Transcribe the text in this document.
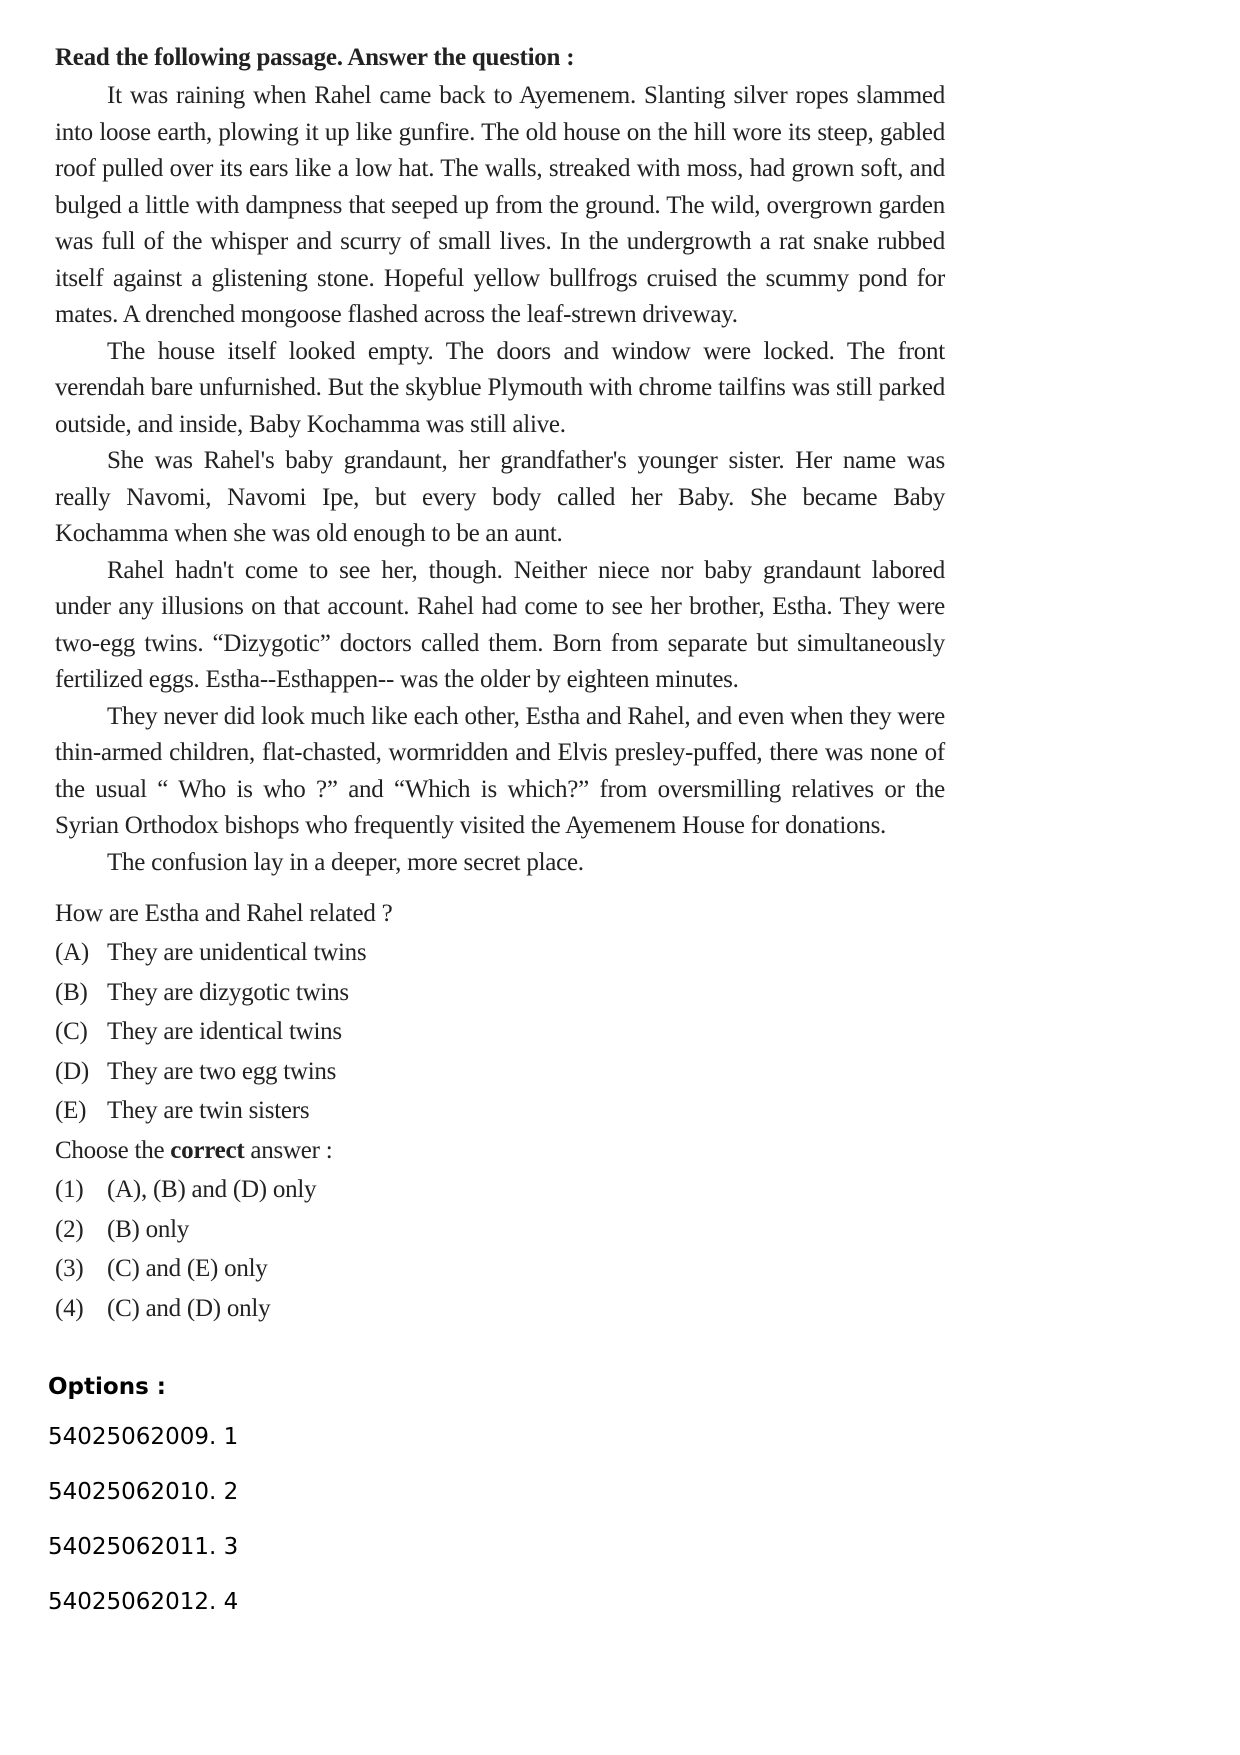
Read the following passage. Answer the question :

It was raining when Rahel came back to Ayemenem. Slanting silver ropes slammed into loose earth, plowing it up like gunfire. The old house on the hill wore its steep, gabled roof pulled over its ears like a low hat. The walls, streaked with moss, had grown soft, and bulged a little with dampness that seeped up from the ground. The wild, overgrown garden was full of the whisper and scurry of small lives. In the undergrowth a rat snake rubbed itself against a glistening stone. Hopeful yellow bullfrogs cruised the scummy pond for mates. A drenched mongoose flashed across the leaf-strewn driveway.

The house itself looked empty. The doors and window were locked. The front verendah bare unfurnished. But the skyblue Plymouth with chrome tailfins was still parked outside, and inside, Baby Kochamma was still alive.

She was Rahel's baby grandaunt, her grandfather's younger sister. Her name was really Navomi, Navomi Ipe, but every body called her Baby. She became Baby Kochamma when she was old enough to be an aunt.

Rahel hadn't come to see her, though. Neither niece nor baby grandaunt labored under any illusions on that account. Rahel had come to see her brother, Estha. They were two-egg twins. “Dizygotic” doctors called them. Born from separate but simultaneously fertilized eggs. Estha--Esthappen-- was the older by eighteen minutes.

They never did look much like each other, Estha and Rahel, and even when they were thin-armed children, flat-chasted, wormridden and Elvis presley-puffed, there was none of the usual “ Who is who ?” and “Which is which?” from oversmilling relatives or the Syrian Orthodox bishops who frequently visited the Ayemenem House for donations.

The confusion lay in a deeper, more secret place.

How are Estha and Rahel related ?
(A) They are unidentical twins
(B) They are dizygotic twins
(C) They are identical twins
(D) They are two egg twins
(E) They are twin sisters
Choose the correct answer :
(1) (A), (B) and (D) only
(2) (B) only
(3) (C) and (E) only
(4) (C) and (D) only
Options :
54025062009. 1
54025062010. 2
54025062011. 3
54025062012. 4
